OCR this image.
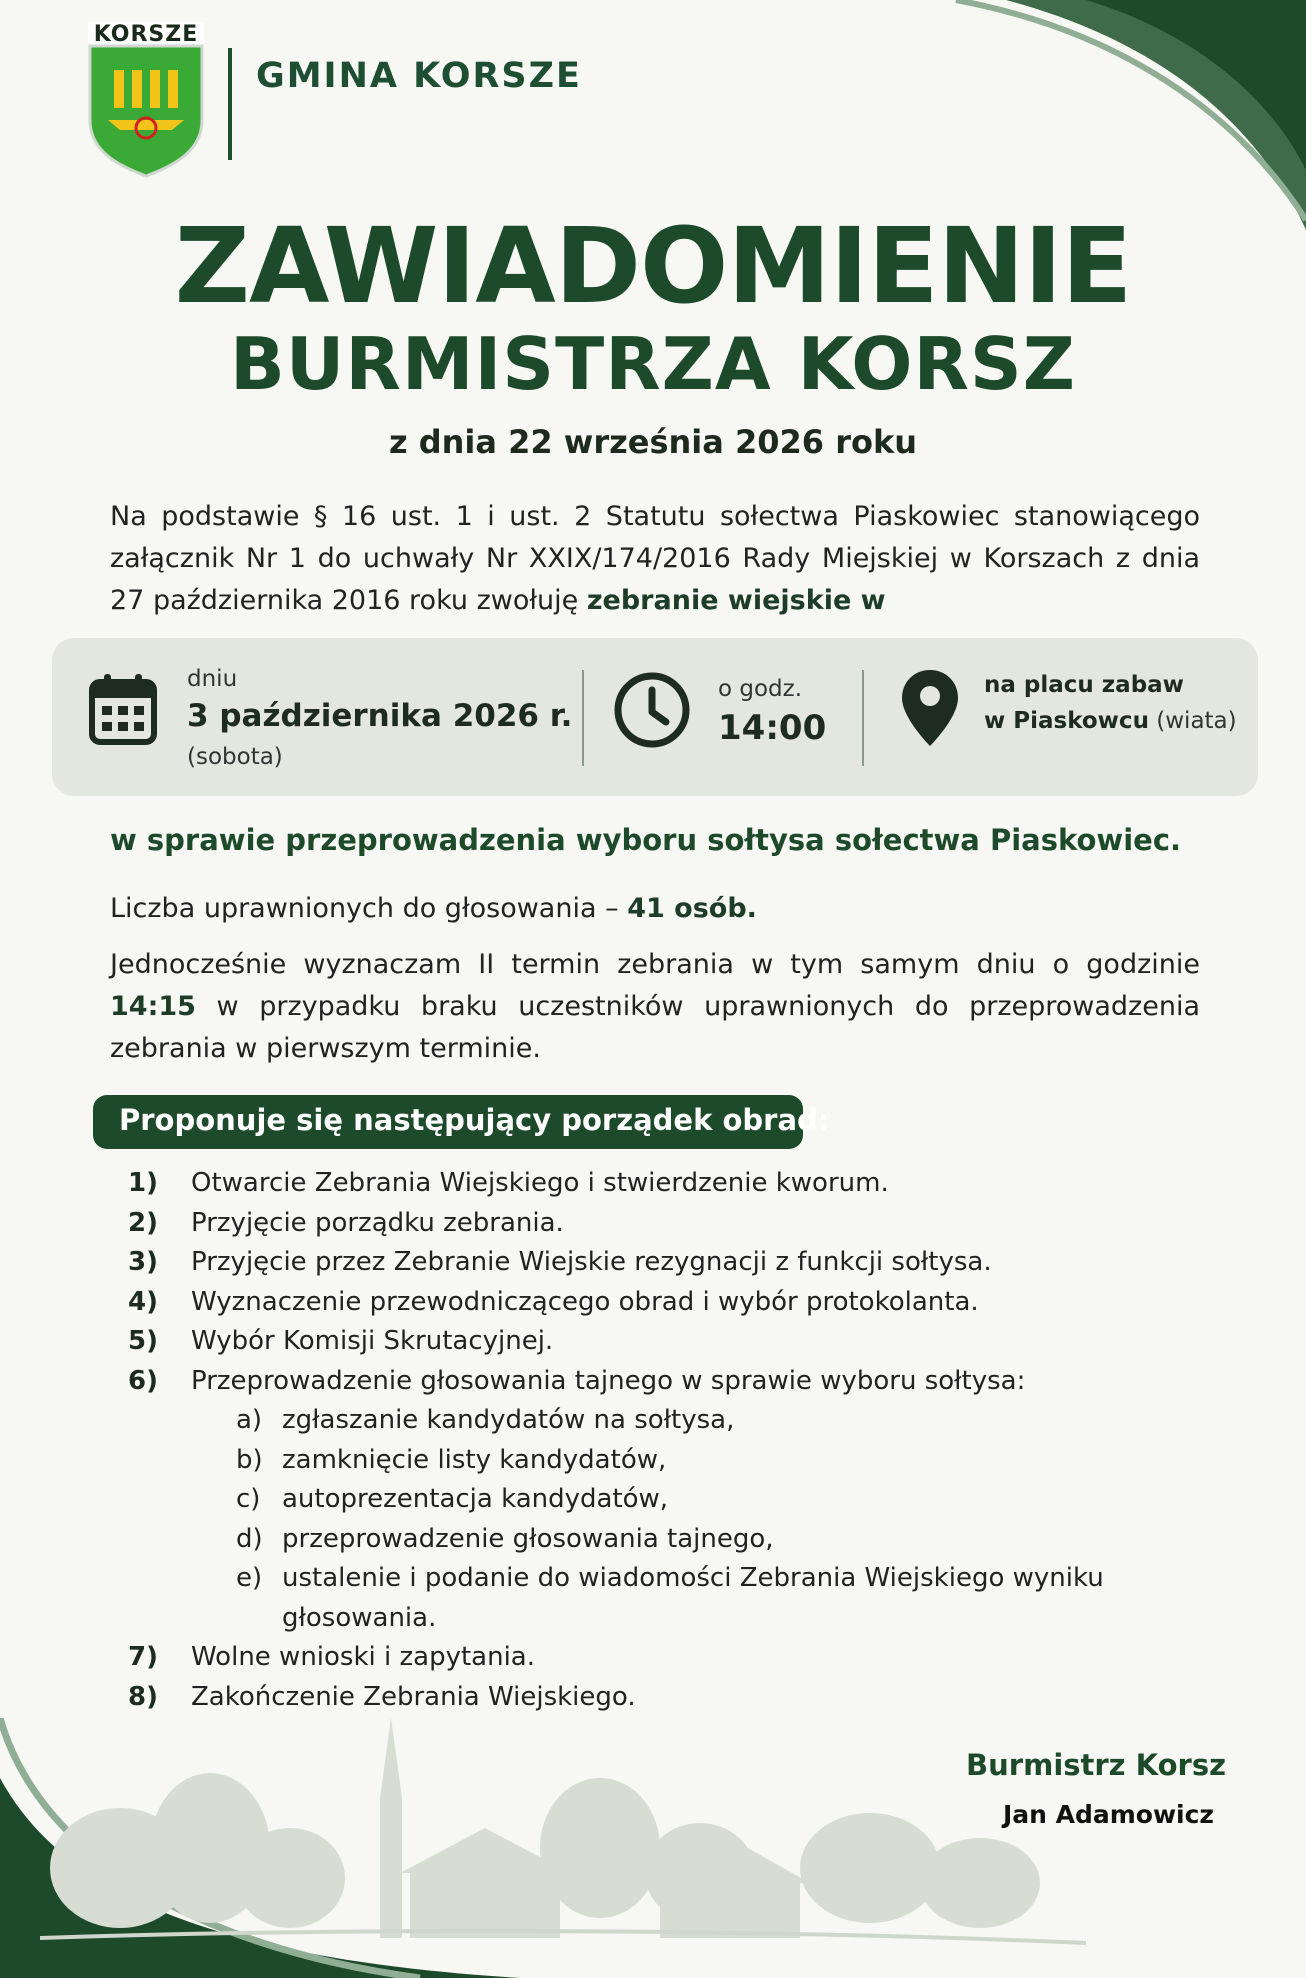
KORSZE
GMINA KORSZE
ZAWIADOMIENIE
BURMISTRZA KORSZ
z dnia 22 września 2026 roku
Na podstawie § 16 ust. 1 i ust. 2 Statutu sołectwa Piaskowiec stanowiącego załącznik Nr 1 do uchwały Nr XXIX/174/2016 Rady Miejskiej w Korszach z dnia 27 października 2016 roku zwołuję zebranie wiejskie w
dniu
3 października 2026 r.
(sobota)
o godz.
14:00
na placu zabaw
w Piaskowcu (wiata)
w sprawie przeprowadzenia wyboru sołtysa sołectwa Piaskowiec.
Liczba uprawnionych do głosowania – 41 osób.
Jednocześnie wyznaczam II termin zebrania w tym samym dniu o godzinie 14:15 w przypadku braku uczestników uprawnionych do przeprowadzenia zebrania w pierwszym terminie.
Proponuje się następujący porządek obrad:
1) Otwarcie Zebrania Wiejskiego i stwierdzenie kworum.
2) Przyjęcie porządku zebrania.
3) Przyjęcie przez Zebranie Wiejskie rezygnacji z funkcji sołtysa.
4) Wyznaczenie przewodniczącego obrad i wybór protokolanta.
5) Wybór Komisji Skrutacyjnej.
6) Przeprowadzenie głosowania tajnego w sprawie wyboru sołtysa:
a) zgłaszanie kandydatów na sołtysa,
b) zamknięcie listy kandydatów,
c) autoprezentacja kandydatów,
d) przeprowadzenie głosowania tajnego,
e) ustalenie i podanie do wiadomości Zebrania Wiejskiego wyniku
głosowania.
7) Wolne wnioski i zapytania.
8) Zakończenie Zebrania Wiejskiego.
Burmistrz Korsz
Jan Adamowicz
